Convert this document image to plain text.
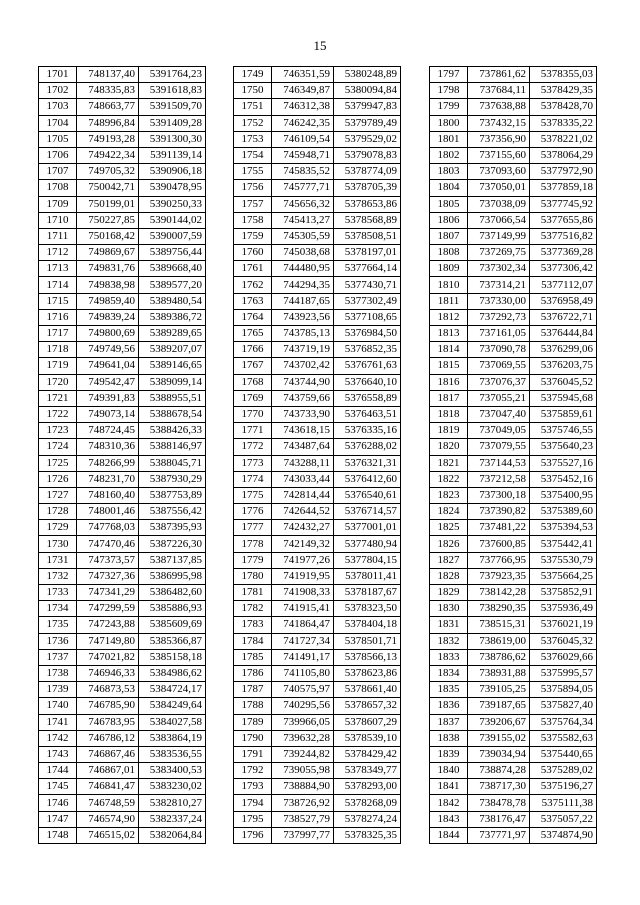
15
1701	748137,40	5391764,23
1702	748335,83	5391618,83
1703	748663,77	5391509,70
1704	748996,84	5391409,28
1705	749193,28	5391300,30
1706	749422,34	5391139,14
1707	749705,32	5390906,18
1708	750042,71	5390478,95
1709	750199,01	5390250,33
1710	750227,85	5390144,02
1711	750168,42	5390007,59
1712	749869,67	5389756,44
1713	749831,76	5389668,40
1714	749838,98	5389577,20
1715	749859,40	5389480,54
1716	749839,24	5389386,72
1717	749800,69	5389289,65
1718	749749,56	5389207,07
1719	749641,04	5389146,65
1720	749542,47	5389099,14
1721	749391,83	5388955,51
1722	749073,14	5388678,54
1723	748724,45	5388426,33
1724	748310,36	5388146,97
1725	748266,99	5388045,71
1726	748231,70	5387930,29
1727	748160,40	5387753,89
1728	748001,46	5387556,42
1729	747768,03	5387395,93
1730	747470,46	5387226,30
1731	747373,57	5387137,85
1732	747327,36	5386995,98
1733	747341,29	5386482,60
1734	747299,59	5385886,93
1735	747243,88	5385609,69
1736	747149,80	5385366,87
1737	747021,82	5385158,18
1738	746946,33	5384986,62
1739	746873,53	5384724,17
1740	746785,90	5384249,64
1741	746783,95	5384027,58
1742	746786,12	5383864,19
1743	746867,46	5383536,55
1744	746867,01	5383400,53
1745	746841,47	5383230,02
1746	746748,59	5382810,27
1747	746574,90	5382337,24
1748	746515,02	5382064,84
1749	746351,59	5380248,89
1750	746349,87	5380094,84
1751	746312,38	5379947,83
1752	746242,35	5379789,49
1753	746109,54	5379529,02
1754	745948,71	5379078,83
1755	745835,52	5378774,09
1756	745777,71	5378705,39
1757	745656,32	5378653,86
1758	745413,27	5378568,89
1759	745305,59	5378508,51
1760	745038,68	5378197,01
1761	744480,95	5377664,14
1762	744294,35	5377430,71
1763	744187,65	5377302,49
1764	743923,56	5377108,65
1765	743785,13	5376984,50
1766	743719,19	5376852,35
1767	743702,42	5376761,63
1768	743744,90	5376640,10
1769	743759,66	5376558,89
1770	743733,90	5376463,51
1771	743618,15	5376335,16
1772	743487,64	5376288,02
1773	743288,11	5376321,31
1774	743033,44	5376412,60
1775	742814,44	5376540,61
1776	742644,52	5376714,57
1777	742432,27	5377001,01
1778	742149,32	5377480,94
1779	741977,26	5377804,15
1780	741919,95	5378011,41
1781	741908,33	5378187,67
1782	741915,41	5378323,50
1783	741864,47	5378404,18
1784	741727,34	5378501,71
1785	741491,17	5378566,13
1786	741105,80	5378623,86
1787	740575,97	5378661,40
1788	740295,56	5378657,32
1789	739966,05	5378607,29
1790	739632,28	5378539,10
1791	739244,82	5378429,42
1792	739055,98	5378349,77
1793	738884,90	5378293,00
1794	738726,92	5378268,09
1795	738527,79	5378274,24
1796	737997,77	5378325,35
1797	737861,62	5378355,03
1798	737684,11	5378429,35
1799	737638,88	5378428,70
1800	737432,15	5378335,22
1801	737356,90	5378221,02
1802	737155,60	5378064,29
1803	737093,60	5377972,90
1804	737050,01	5377859,18
1805	737038,09	5377745,92
1806	737066,54	5377655,86
1807	737149,99	5377516,82
1808	737269,75	5377369,28
1809	737302,34	5377306,42
1810	737314,21	5377112,07
1811	737330,00	5376958,49
1812	737292,73	5376722,71
1813	737161,05	5376444,84
1814	737090,78	5376299,06
1815	737069,55	5376203,75
1816	737076,37	5376045,52
1817	737055,21	5375945,68
1818	737047,40	5375859,61
1819	737049,05	5375746,55
1820	737079,55	5375640,23
1821	737144,53	5375527,16
1822	737212,58	5375452,16
1823	737300,18	5375400,95
1824	737390,82	5375389,60
1825	737481,22	5375394,53
1826	737600,85	5375442,41
1827	737766,95	5375530,79
1828	737923,35	5375664,25
1829	738142,28	5375852,91
1830	738290,35	5375936,49
1831	738515,31	5376021,19
1832	738619,00	5376045,32
1833	738786,62	5376029,66
1834	738931,88	5375995,57
1835	739105,25	5375894,05
1836	739187,65	5375827,40
1837	739206,67	5375764,34
1838	739155,02	5375582,63
1839	739034,94	5375440,65
1840	738874,28	5375289,02
1841	738717,30	5375196,27
1842	738478,78	5375111,38
1843	738176,47	5375057,22
1844	737771,97	5374874,90
